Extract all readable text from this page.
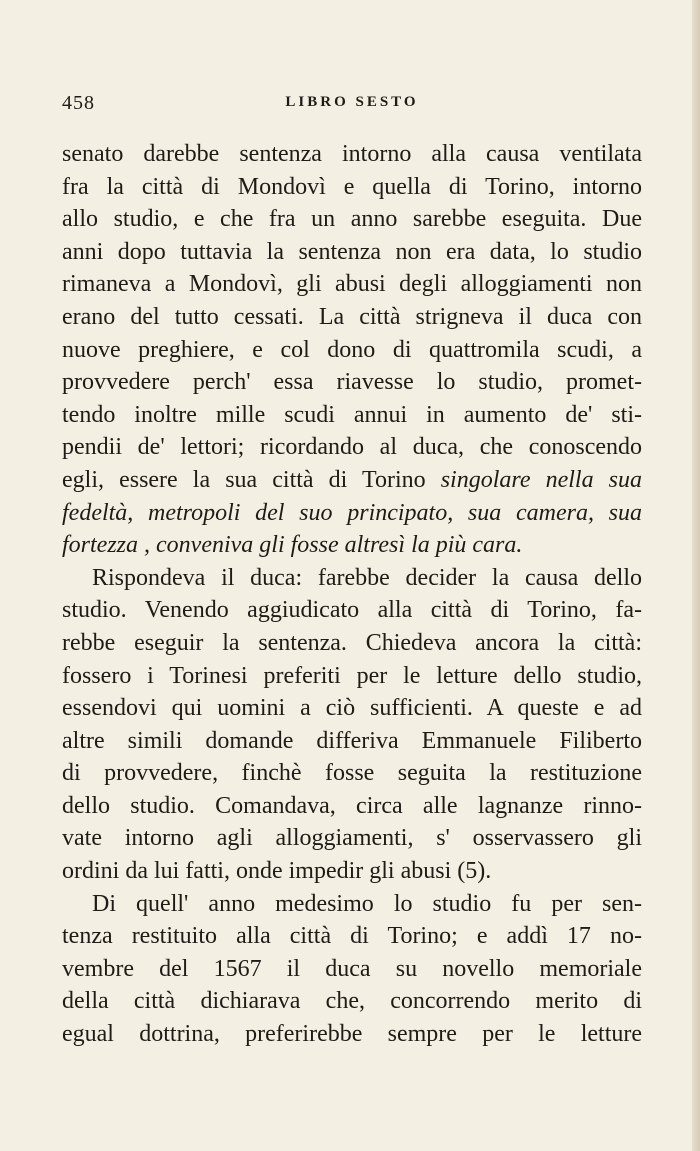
458	LIBRO SESTO
senato darebbe sentenza intorno alla causa ventilata
fra la città di Mondovì e quella di Torino, intorno
allo studio, e che fra un anno sarebbe eseguita. Due
anni dopo tuttavia la sentenza non era data, lo studio
rimaneva a Mondovì, gli abusi degli alloggiamenti non
erano del tutto cessati. La città strigneva il duca con
nuove preghiere, e col dono di quattromila scudi, a
provvedere perch' essa riavesse lo studio, promet-
tendo inoltre mille scudi annui in aumento de' sti-
pendii de' lettori; ricordando al duca, che conoscendo
egli, essere la sua città di Torino singolare nella sua
fedeltà, metropoli del suo principato, sua camera, sua
fortezza , conveniva gli fosse altresì la più cara.
Rispondeva il duca: farebbe decider la causa dello
studio. Venendo aggiudicato alla città di Torino, fa-
rebbe eseguir la sentenza. Chiedeva ancora la città:
fossero i Torinesi preferiti per le letture dello studio,
essendovi qui uomini a ciò sufficienti. A queste e ad
altre simili domande differiva Emmanuele Filiberto
di provvedere, finchè fosse seguita la restituzione
dello studio. Comandava, circa alle lagnanze rinno-
vate intorno agli alloggiamenti, s' osservassero gli
ordini da lui fatti, onde impedir gli abusi (5).
Di quell' anno medesimo lo studio fu per sen-
tenza restituito alla città di Torino; e addì 17 no-
vembre del 1567 il duca su novello memoriale
della città dichiarava che, concorrendo merito di
egual dottrina, preferirebbe sempre per le letture
